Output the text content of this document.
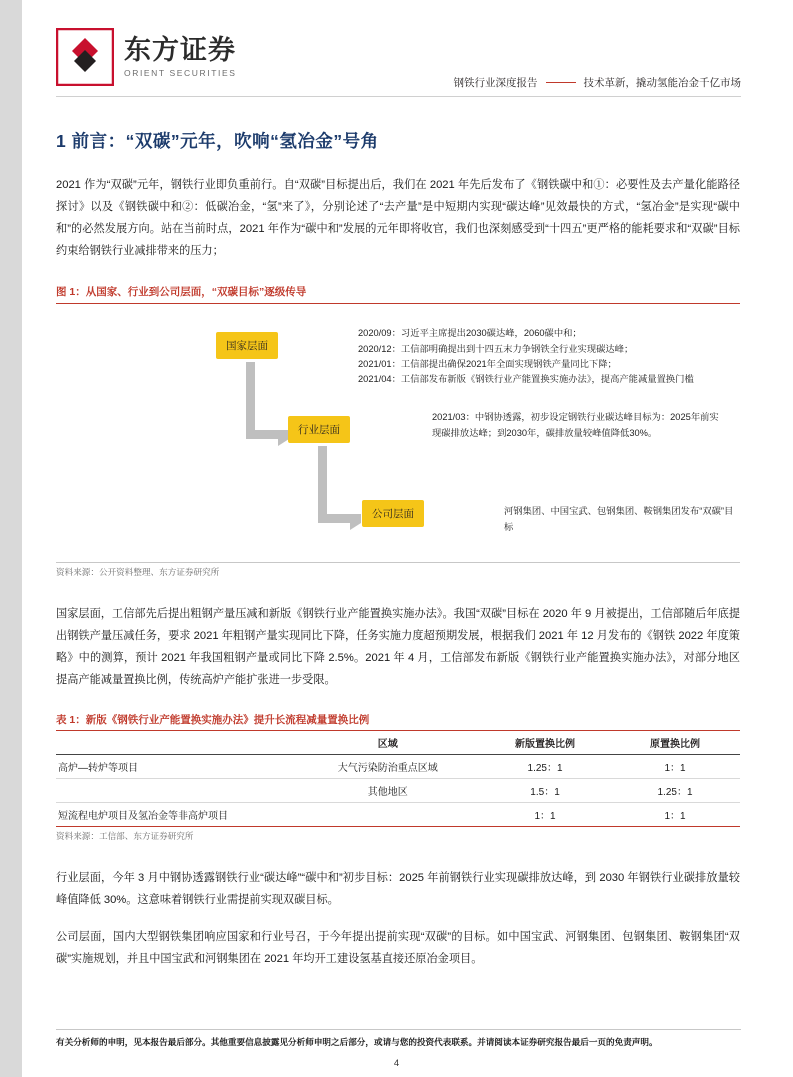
东方证券
ORIENT SECURITIES
钢铁行业深度报告	技术革新，撬动氢能冶金千亿市场
1 前言：“双碳”元年，吹响“氢冶金”号角

2021 作为“双碳”元年，钢铁行业即负重前行。自“双碳”目标提出后，我们在 2021 年先后发布了《钢铁碳中和①：必要性及去产量化能路径探讨》以及《钢铁碳中和②：低碳冶金，“氢”来了》，分别论述了“去产量”是中短期内实现“碳达峰”见效最快的方式，“氢冶金”是实现“碳中和”的必然发展方向。站在当前时点，2021 年作为“碳中和”发展的元年即将收官，我们也深刻感受到“十四五”更严格的能耗要求和“双碳”目标约束给钢铁行业减排带来的压力；

图 1：从国家、行业到公司层面，“双碳目标”逐级传导
国家层面
行业层面
公司层面
2020/09：习近平主席提出2030碳达峰，2060碳中和；
2020/12：工信部明确提出到十四五末力争钢铁全行业实现碳达峰；
2021/01：工信部提出确保2021年全面实现钢铁产量同比下降；
2021/04：工信部发布新版《钢铁行业产能置换实施办法》，提高产能减量置换门槛
2021/03：中钢协透露，初步设定钢铁行业碳达峰目标为：2025年前实现碳排放达峰；到2030年，碳排放量较峰值降低30%。
河钢集团、中国宝武、包钢集团、鞍钢集团发布“双碳”目标
资料来源：公开资料整理、东方证券研究所

国家层面，工信部先后提出粗钢产量压减和新版《钢铁行业产能置换实施办法》。我国“双碳”目标在 2020 年 9 月被提出，工信部随后年底提出钢铁产量压减任务，要求 2021 年粗钢产量实现同比下降，任务实施力度超预期发展，根据我们 2021 年 12 月发布的《钢铁 2022 年度策略》中的测算，预计 2021 年我国粗钢产量或同比下降 2.5%。2021 年 4 月，工信部发布新版《钢铁行业产能置换实施办法》，对部分地区提高产能减量置换比例，传统高炉产能扩张进一步受限。

表 1：新版《钢铁行业产能置换实施办法》提升长流程减量置换比例
	区域	新版置换比例	原置换比例
高炉—转炉等项目	大气污染防治重点区域	1.25：1	1：1
	其他地区	1.5：1	1.25：1
短流程电炉项目及氢冶金等非高炉项目		1：1	1：1
资料来源：工信部、东方证券研究所

行业层面，今年 3 月中钢协透露钢铁行业“碳达峰”“碳中和”初步目标：2025 年前钢铁行业实现碳排放达峰，到 2030 年钢铁行业碳排放量较峰值降低 30%。这意味着钢铁行业需提前实现双碳目标。

公司层面，国内大型钢铁集团响应国家和行业号召，于今年提出提前实现“双碳”的目标。如中国宝武、河钢集团、包钢集团、鞍钢集团“双碳”实施规划，并且中国宝武和河钢集团在 2021 年均开工建设氢基直接还原冶金项目。

有关分析师的申明，见本报告最后部分。其他重要信息披露见分析师申明之后部分，或请与您的投资代表联系。并请阅读本证券研究报告最后一页的免责声明。
4
